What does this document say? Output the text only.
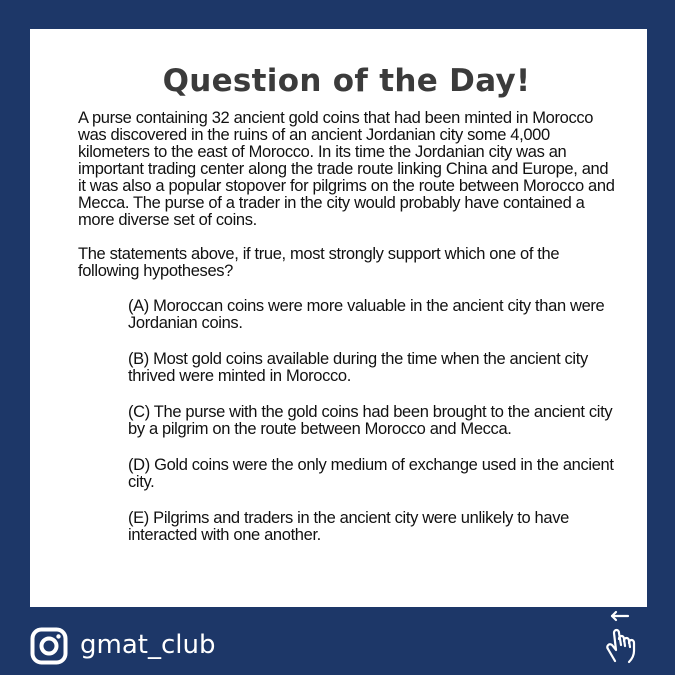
Question of the Day!

A purse containing 32 ancient gold coins that had been minted in Morocco was discovered in the ruins of an ancient Jordanian city some 4,000 kilometers to the east of Morocco. In its time the Jordanian city was an important trading center along the trade route linking China and Europe, and it was also a popular stopover for pilgrims on the route between Morocco and Mecca. The purse of a trader in the city would probably have contained a more diverse set of coins.

The statements above, if true, most strongly support which one of the following hypotheses?

(A) Moroccan coins were more valuable in the ancient city than were Jordanian coins.

(B) Most gold coins available during the time when the ancient city thrived were minted in Morocco.

(C) The purse with the gold coins had been brought to the ancient city by a pilgrim on the route between Morocco and Mecca.

(D) Gold coins were the only medium of exchange used in the ancient city.

(E) Pilgrims and traders in the ancient city were unlikely to have interacted with one another.

gmat_club
